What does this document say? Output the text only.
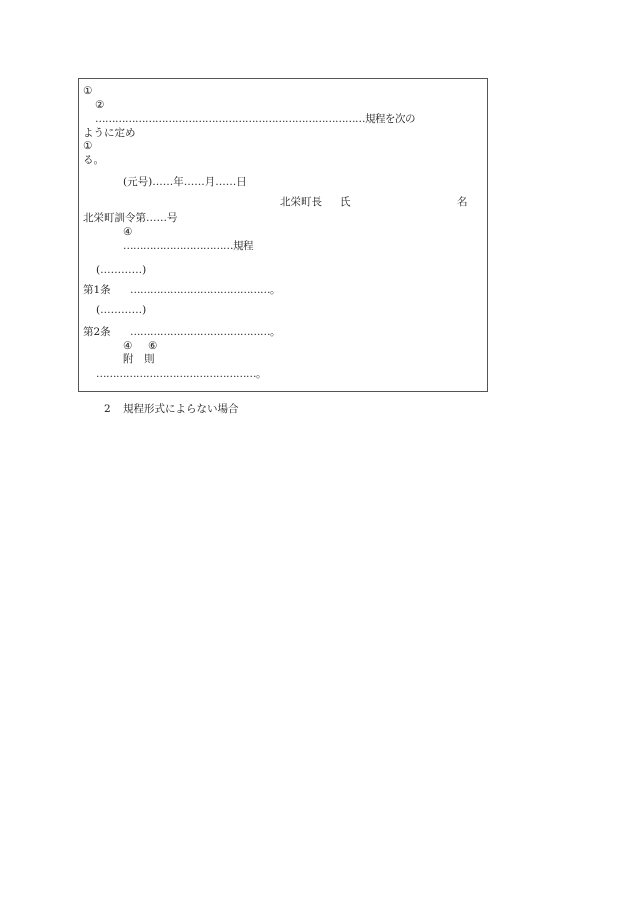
①
②
………………………………………………………………………規程を次の
ように定め
①
る。
(元号)……年……月……日
北栄町長 氏	名
北栄町訓令第……号
④
……………………………規程
(…………)
第1条 ……………………………………。
(…………)
第2条 ……………………………………。
④ ⑥
附　則
…………………………………………。
2 規程形式によらない場合
